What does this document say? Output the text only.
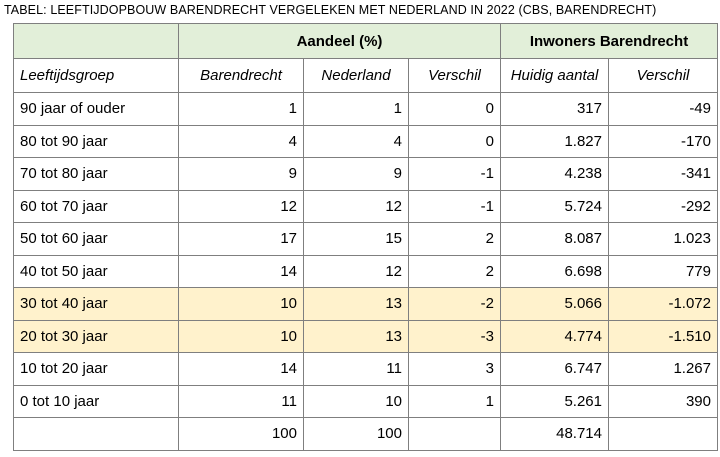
TABEL: LEEFTIJDOPBOUW BARENDRECHT VERGELEKEN MET NEDERLAND IN 2022 (CBS, BARENDRECHT)
	Aandeel (%)			Inwoners Barendrecht	
Leeftijdsgroep	Barendrecht	Nederland	Verschil	Huidig aantal	Verschil
90 jaar of ouder	1	1	0	317	-49
80 tot 90 jaar	4	4	0	1.827	-170
70 tot 80 jaar	9	9	-1	4.238	-341
60 tot 70 jaar	12	12	-1	5.724	-292
50 tot 60 jaar	17	15	2	8.087	1.023
40 tot 50 jaar	14	12	2	6.698	779
30 tot 40 jaar	10	13	-2	5.066	-1.072
20 tot 30 jaar	10	13	-3	4.774	-1.510
10 tot 20 jaar	14	11	3	6.747	1.267
0 tot 10 jaar	11	10	1	5.261	390
	100	100		48.714	
